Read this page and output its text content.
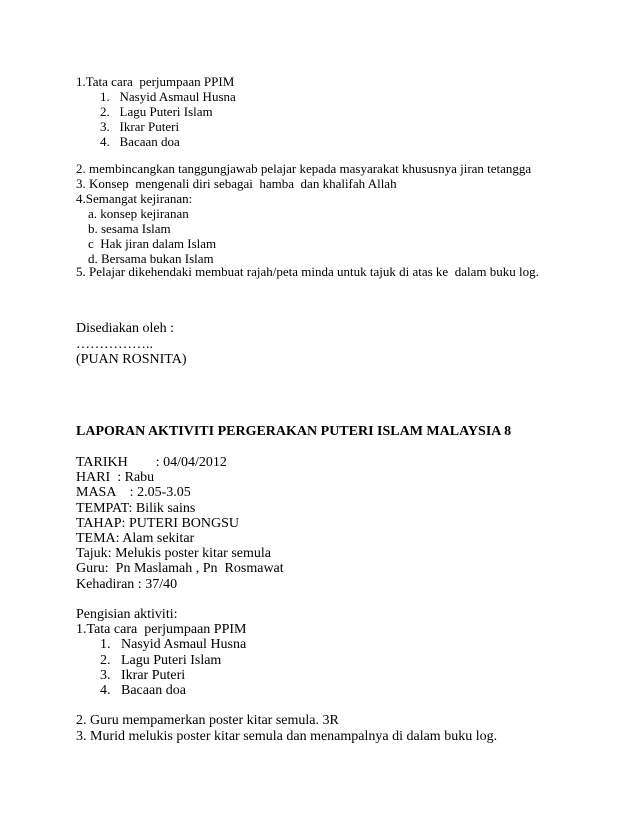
1.Tata cara  perjumpaan PPIM
1.   Nasyid Asmaul Husna
2.   Lagu Puteri Islam
3.   Ikrar Puteri
4.   Bacaan doa
2. membincangkan tanggungjawab pelajar kepada masyarakat khususnya jiran tetangga
3. Konsep  mengenali diri sebagai  hamba  dan khalifah Allah
4.Semangat kejiranan:
a. konsep kejiranan
b. sesama Islam
c  Hak jiran dalam Islam
d. Bersama bukan Islam
5. Pelajar dikehendaki membuat rajah/peta minda untuk tajuk di atas ke  dalam buku log.
Disediakan oleh :
……………..
(PUAN ROSNITA)
LAPORAN AKTIVITI PERGERAKAN PUTERI ISLAM MALAYSIA 8
TARIKH        : 04/04/2012
HARI  : Rabu
MASA    : 2.05-3.05
TEMPAT: Bilik sains
TAHAP: PUTERI BONGSU
TEMA: Alam sekitar
Tajuk: Melukis poster kitar semula
Guru:  Pn Maslamah , Pn  Rosmawat
Kehadiran : 37/40
Pengisian aktiviti:
1.Tata cara  perjumpaan PPIM
1.   Nasyid Asmaul Husna
2.   Lagu Puteri Islam
3.   Ikrar Puteri
4.   Bacaan doa
2. Guru mempamerkan poster kitar semula. 3R
3. Murid melukis poster kitar semula dan menampalnya di dalam buku log.
